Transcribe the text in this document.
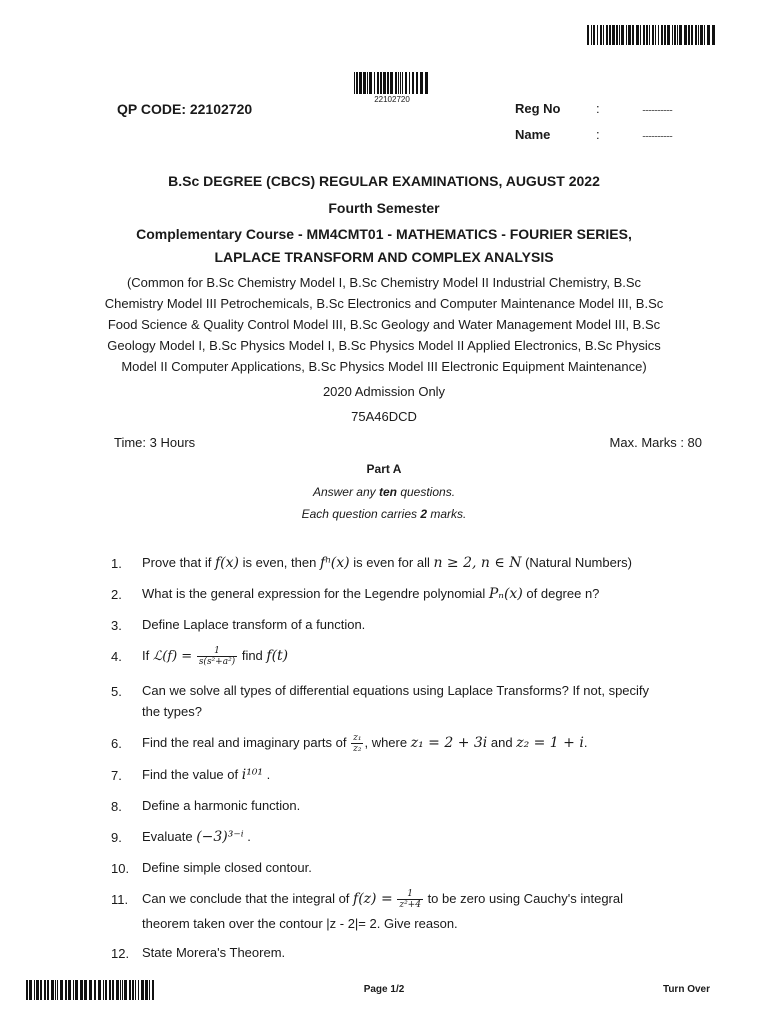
22102720
QP CODE: 22102720	Reg No	:	....................
Name	:	....................
B.Sc DEGREE (CBCS) REGULAR EXAMINATIONS, AUGUST 2022
Fourth Semester
Complementary Course - MM4CMT01 - MATHEMATICS - FOURIER SERIES,
LAPLACE TRANSFORM AND COMPLEX ANALYSIS
(Common for B.Sc Chemistry Model I, B.Sc Chemistry Model II Industrial Chemistry, B.Sc
Chemistry Model III Petrochemicals, B.Sc Electronics and Computer Maintenance Model III, B.Sc
Food Science & Quality Control Model III, B.Sc Geology and Water Management Model III, B.Sc
Geology Model I, B.Sc Physics Model I, B.Sc Physics Model II Applied Electronics, B.Sc Physics
Model II Computer Applications, B.Sc Physics Model III Electronic Equipment Maintenance)
2020 Admission Only
75A46DCD
Time: 3 Hours	Max. Marks : 80
Part A
Answer any ten questions.
Each question carries 2 marks.
1. Prove that if f(x) is even, then fⁿ(x) is even for all n ≥ 2, n ∈ N (Natural Numbers)
2. What is the general expression for the Legendre polynomial Pₙ(x) of degree n?
3. Define Laplace transform of a function.
4. If ℒ(f) = $\frac{1}{\text{s(s²+a²)}}$ find f(t)
5. Can we solve all types of differential equations using Laplace Transforms? If not, specify
the types?
6. Find the real and imaginary parts of $\frac{\text{z₁}}{\text{z₂}}$ , where z₁ = 2 + 3i and z₂ = 1 + i.
7. Find the value of i¹⁰¹ .
8. Define a harmonic function.
9. Evaluate (−3)³⁻ⁱ .
10. Define simple closed contour.
11. Can we conclude that the integral of $f(z) = \frac{1}{\text{z²+4}}$ to be zero using Cauchy's integral
theorem taken over the contour |z - 2|= 2. Give reason.
12. State Morera's Theorem.
Page 1/2	Turn Over
